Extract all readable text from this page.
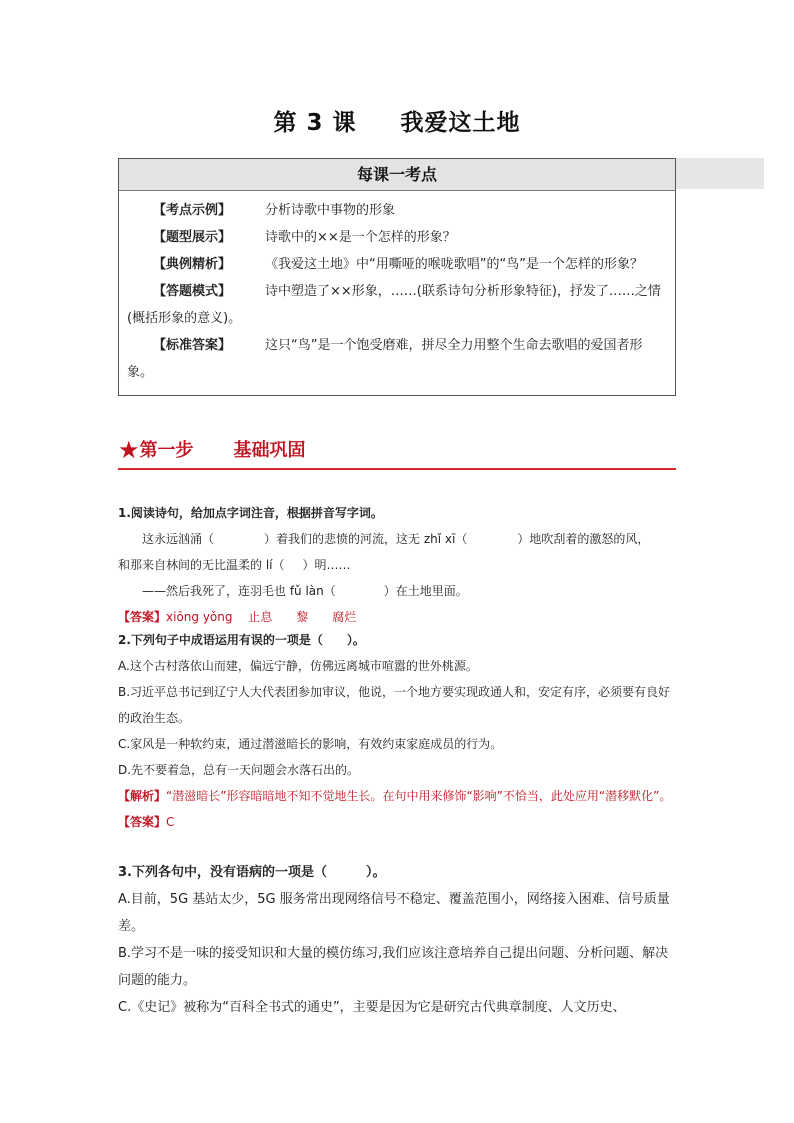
第 3 课 我爱这土地
每课一考点
【考点示例】	分析诗歌中事物的形象
【题型展示】	诗歌中的××是一个怎样的形象？
【典例精析】	《我爱这土地》中“用嘶哑的喉咙歌唱”的“鸟”是一个怎样的形象？
【答题模式】	诗中塑造了××形象，……(联系诗句分析形象特征)，抒发了……之情(概括形象的意义)。
【标准答案】	这只“鸟”是一个饱受磨难，拼尽全力用整个生命去歌唱的爱国者形象。
★第一步 基础巩固

1.阅读诗句，给加点字词注音，根据拼音写字词。

这永远汹涌（	）着我们的悲愤的河流，这无 zhǐ xī（	）地吹刮着的激怒的风，

和那来自林间的无比温柔的 lí（ ）明……

——然后我死了，连羽毛也 fǔ làn（	）在土地里面。

【答案】xiōng yǒng　 止息　　黎　　腐烂

2.下列句子中成语运用有误的一项是（　　）。

A.这个古村落依山而建，偏远宁静，仿佛远离城市喧嚣的世外桃源。

B.习近平总书记到辽宁人大代表团参加审议，他说，一个地方要实现政通人和，安定有序，必须要有良好的政治生态。

C.家风是一种软约束，通过潜滋暗长的影响，有效约束家庭成员的行为。

D.先不要着急，总有一天问题会水落石出的。

【解析】“潜滋暗长”形容暗暗地不知不觉地生长。在句中用来修饰“影响”不恰当，此处应用“潜移默化”。

【答案】C

3.下列各句中，没有语病的一项是（　　　）。

A.目前，5G 基站太少，5G 服务常出现网络信号不稳定、覆盖范围小，网络接入困难、信号质量差。

B.学习不是一味的接受知识和大量的模仿练习,我们应该注意培养自己提出问题、分析问题、解决问题的能力。

C.《史记》被称为“百科全书式的通史”，主要是因为它是研究古代典章制度、人文历史、
